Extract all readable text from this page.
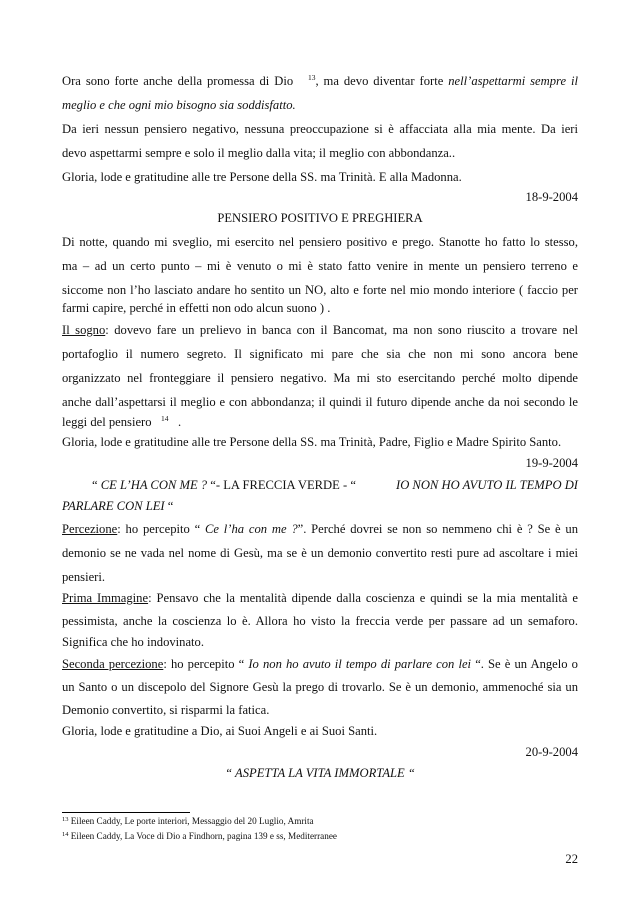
Ora sono forte anche della promessa di Dio $^{13}$, ma devo diventar forte nell’aspettarmi sempre il
meglio e che ogni mio bisogno sia soddisfatto.
Da ieri nessun pensiero negativo, nessuna preoccupazione si è affacciata alla mia mente. Da ieri
devo aspettarmi sempre e solo il meglio dalla vita; il meglio con abbondanza..
Gloria, lode e gratitudine alle tre Persone della SS. ma Trinità. E alla Madonna.
18-9-2004
PENSIERO POSITIVO E PREGHIERA
Di notte, quando mi sveglio, mi esercito nel pensiero positivo e prego. Stanotte ho fatto lo stesso,
ma – ad un certo punto – mi è venuto o mi è stato fatto venire in mente un pensiero terreno e
siccome non l’ho lasciato andare ho sentito un NO, alto e forte nel mio mondo interiore ( faccio per
farmi capire, perché in effetti non odo alcun suono ) .
Il sogno: dovevo fare un prelievo in banca con il Bancomat, ma non sono riuscito a trovare nel
portafoglio il numero segreto. Il significato mi pare che sia che non mi sono ancora bene
organizzato nel fronteggiare il pensiero negativo. Ma mi sto esercitando perché molto dipende
anche dall’aspettarsi il meglio e con abbondanza; il quindi il futuro dipende anche da noi secondo le
leggi del pensiero $^{14}$ .
Gloria, lode e gratitudine alle tre Persone della SS. ma Trinità, Padre, Figlio e Madre Spirito Santo.
19-9-2004
“ CE L’HA CON ME ? “- LA FRECCIA VERDE - “	IO NON HO AVUTO IL TEMPO DI
PARLARE CON LEI “
Percezione: ho percepito “ Ce l’ha con me ?”. Perché dovrei se non so nemmeno chi è ? Se è un
demonio se ne vada nel nome di Gesù, ma se è un demonio convertito resti pure ad ascoltare i miei
pensieri.
Prima Immagine: Pensavo che la mentalità dipende dalla coscienza e quindi se la mia mentalità e
pessimista, anche la coscienza lo è. Allora ho visto la freccia verde per passare ad un semaforo.
Significa che ho indovinato.
Seconda percezione: ho percepito “ Io non ho avuto il tempo di parlare con lei “. Se è un Angelo o
un Santo o un discepolo del Signore Gesù la prego di trovarlo. Se è un demonio, ammenoché sia un
Demonio convertito, si risparmi la fatica.
Gloria, lode e gratitudine a Dio, ai Suoi Angeli e ai Suoi Santi.
20-9-2004
“ ASPETTA LA VITA IMMORTALE “
$^{13}$ Eileen Caddy, Le porte interiori, Messaggio del 20 Luglio, Amrita
$^{14}$ Eileen Caddy, La Voce di Dio a Findhorn, pagina 139 e ss, Mediterranee
22
